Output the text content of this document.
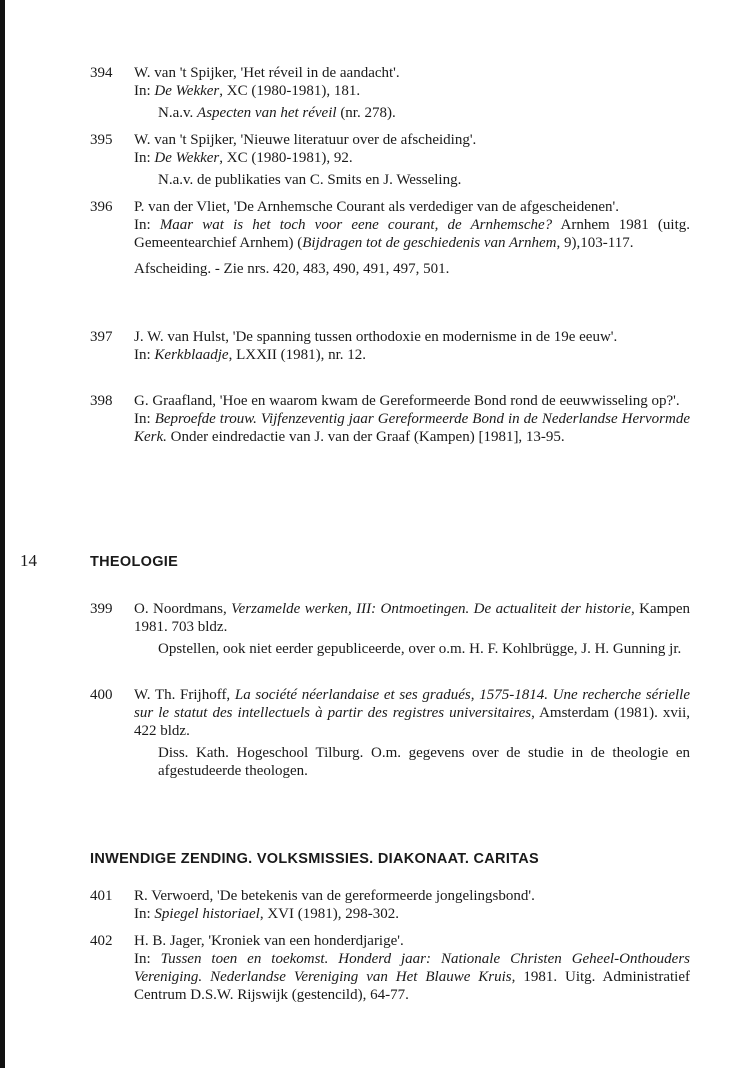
394	W. van 't Spijker, 'Het réveil in de aandacht'.
In: De Wekker, XC (1980-1981), 181.
N.a.v. Aspecten van het réveil (nr. 278).
395	W. van 't Spijker, 'Nieuwe literatuur over de afscheiding'.
In: De Wekker, XC (1980-1981), 92.
N.a.v. de publikaties van C. Smits en J. Wesseling.
396	P. van der Vliet, 'De Arnhemsche Courant als verdediger van de afgescheidenen'.
In: Maar wat is het toch voor eene courant, de Arnhemsche? Arnhem 1981 (uitg. Gemeentearchief Arnhem) (Bijdragen tot de geschiedenis van Arnhem, 9),103-117.
Afscheiding. - Zie nrs. 420, 483, 490, 491, 497, 501.
397	J. W. van Hulst, 'De spanning tussen orthodoxie en modernisme in de 19e eeuw'.
In: Kerkblaadje, LXXII (1981), nr. 12.
398	G. Graafland, 'Hoe en waarom kwam de Gereformeerde Bond rond de eeuwwisseling op?'.
In: Beproefde trouw. Vijfenzeventig jaar Gereformeerde Bond in de Nederlandse Hervormde Kerk. Onder eindredactie van J. van der Graaf (Kampen) [1981], 13-95.
14	THEOLOGIE
399	O. Noordmans, Verzamelde werken, III: Ontmoetingen. De actualiteit der historie, Kampen 1981. 703 bldz.
Opstellen, ook niet eerder gepubliceerde, over o.m. H. F. Kohlbrügge, J. H. Gunning jr.
400	W. Th. Frijhoff, La société néerlandaise et ses gradués, 1575-1814. Une recherche sérielle sur le statut des intellectuels à partir des registres universitaires, Amsterdam (1981). xvii, 422 bldz.
Diss. Kath. Hogeschool Tilburg. O.m. gegevens over de studie in de theologie en afgestudeerde theologen.
INWENDIGE ZENDING. VOLKSMISSIES. DIAKONAAT. CARITAS
401	R. Verwoerd, 'De betekenis van de gereformeerde jongelingsbond'.
In: Spiegel historiael, XVI (1981), 298-302.
402	H. B. Jager, 'Kroniek van een honderdjarige'.
In: Tussen toen en toekomst. Honderd jaar: Nationale Christen Geheel-Onthouders Vereniging. Nederlandse Vereniging van Het Blauwe Kruis, 1981. Uitg. Administratief Centrum D.S.W. Rijswijk (gestencild), 64-77.
